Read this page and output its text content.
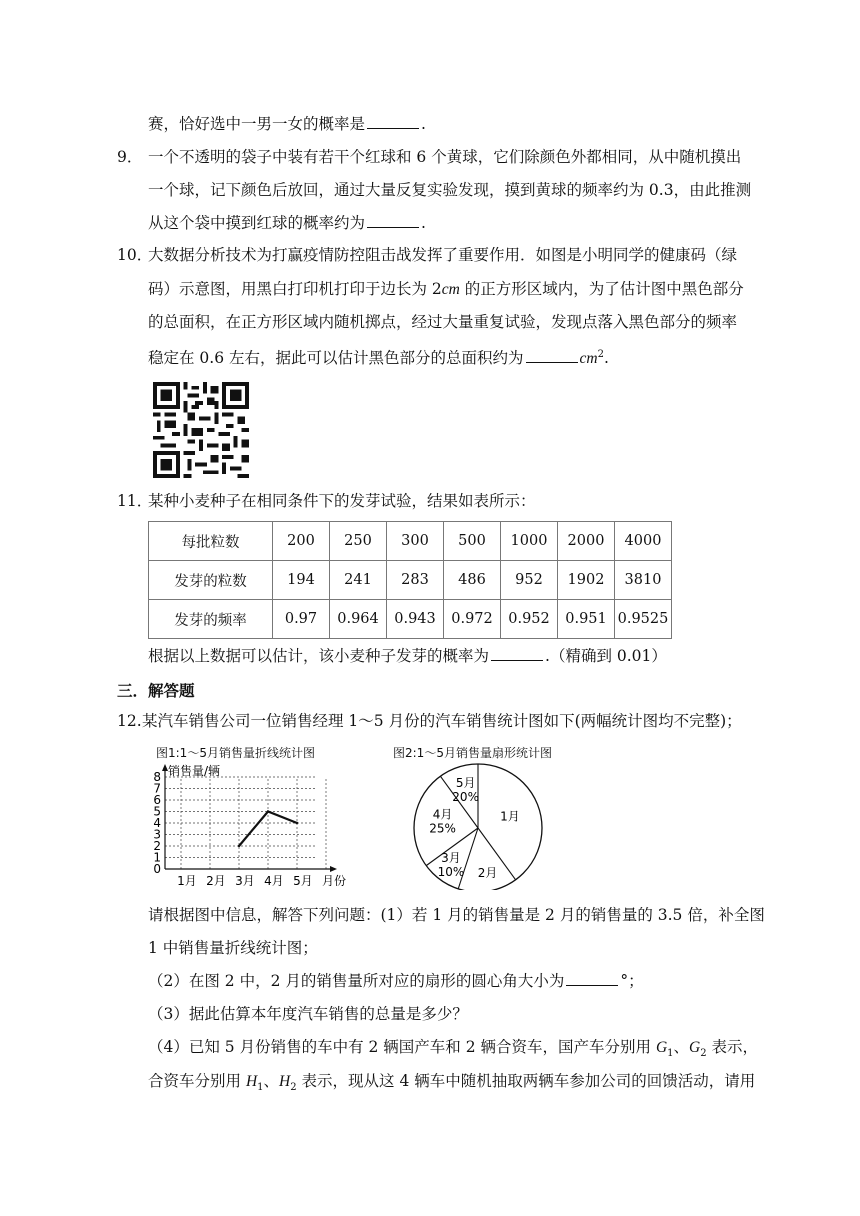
赛，恰好选中一男一女的概率是	.
9． 一个不透明的袋子中装有若干个红球和 6 个黄球，它们除颜色外都相同，从中随机摸出
一个球，记下颜色后放回，通过大量反复实验发现，摸到黄球的频率约为 0.3，由此推测
从这个袋中摸到红球的概率约为	.
10．
大数据分析技术为打赢疫情防控阻击战发挥了重要作用．如图是小明同学的健康码（绿
码）示意图，用黑白打印机打印于边长为 2cm 的正方形区域内，为了估计图中黑色部分
的总面积，在正方形区域内随机掷点，经过大量重复试验，发现点落入黑色部分的频率
稳定在 0.6 左右，据此可以估计黑色部分的总面积约为	$cm^2$.
11．
某种小麦种子在相同条件下的发芽试验，结果如表所示：
每批粒数	200	250	300	500	1000	2000	4000
发芽的粒数	194	241	283	486	952	1902	3810
发芽的频率	0.97	0.964	0.943	0.972	0.952	0.951	0.9525
根据以上数据可以估计，该小麦种子发芽的概率为	.（精确到 0.01）
三．解答题
12. 某汽车销售公司一位销售经理 1～5 月份的汽车销售统计图如下(两幅统计图均不完整)；
图1:1～5月销售量折线统计图
0
1
2
3
4
5
6
7
8 销售量/辆
1月 2月 3月 4月 5月 月份
图2:1～5月销售量扇形统计图
1月
2月
3月
10%
4月
25%
5月
20%
请根据图中信息，解答下列问题：(1）若 1 月的销售量是 2 月的销售量的 3.5 倍，补全图
1 中销售量折线统计图；
（2）在图 2 中，2 月的销售量所对应的扇形的圆心角大小为	°；
（3）据此估算本年度汽车销售的总量是多少？
（4）已知 5 月份销售的车中有 2 辆国产车和 2 辆合资车，国产车分别用 $G_1$、$G_2$ 表示，
合资车分别用 $H_1$、$H_2$ 表示，现从这 4 辆车中随机抽取两辆车参加公司的回馈活动，请用
